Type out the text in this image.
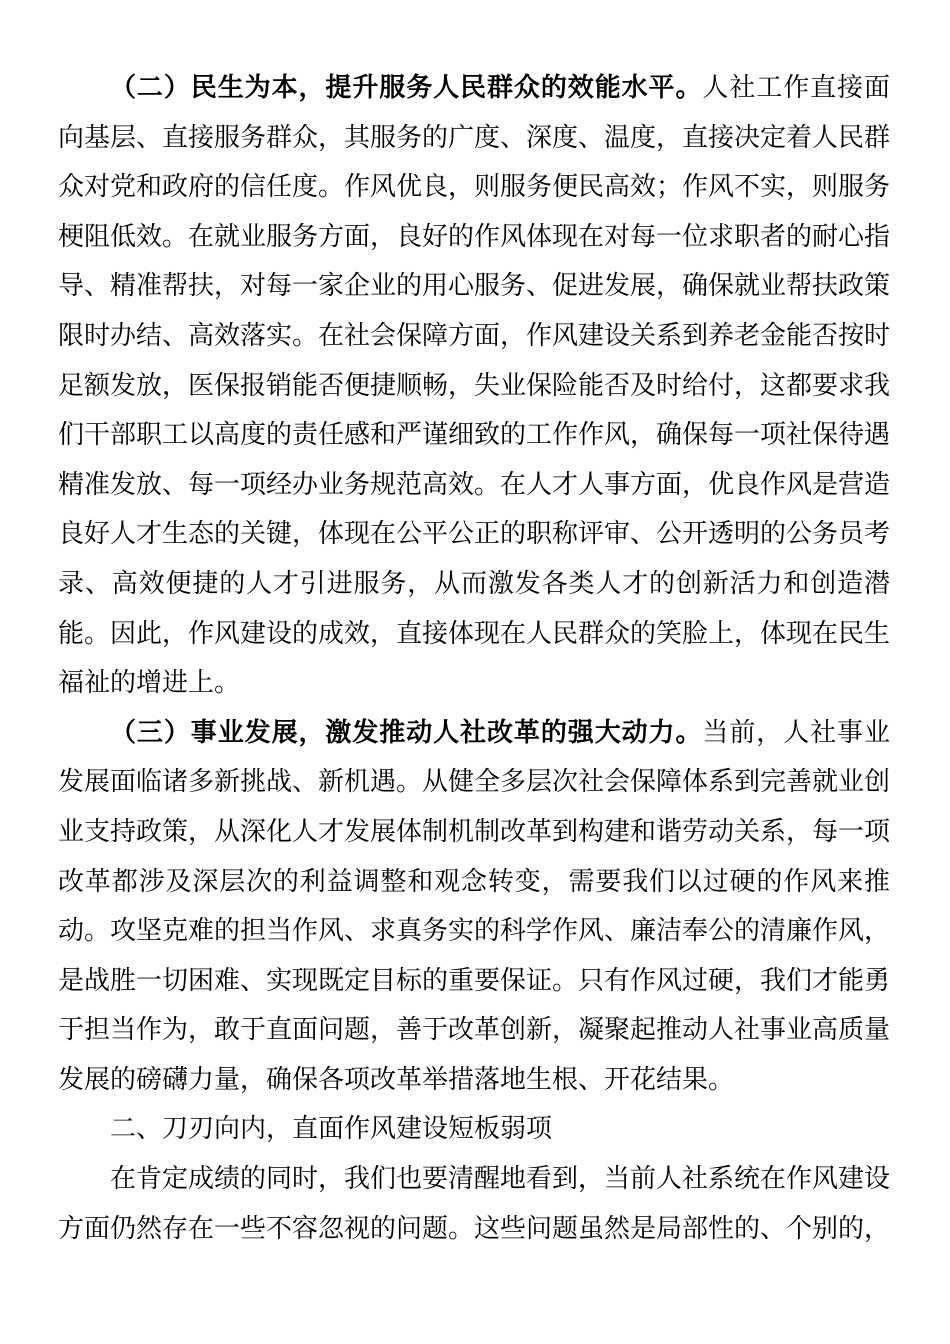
（二）民生为本，提升服务人民群众的效能水平。人社工作直接面向基层、直接服务群众，其服务的广度、深度、温度，直接决定着人民群众对党和政府的信任度。作风优良，则服务便民高效；作风不实，则服务梗阻低效。在就业服务方面，良好的作风体现在对每一位求职者的耐心指导、精准帮扶，对每一家企业的用心服务、促进发展，确保就业帮扶政策限时办结、高效落实。在社会保障方面，作风建设关系到养老金能否按时足额发放，医保报销能否便捷顺畅，失业保险能否及时给付，这都要求我们干部职工以高度的责任感和严谨细致的工作作风，确保每一项社保待遇精准发放、每一项经办业务规范高效。在人才人事方面，优良作风是营造良好人才生态的关键，体现在公平公正的职称评审、公开透明的公务员考录、高效便捷的人才引进服务，从而激发各类人才的创新活力和创造潜能。因此，作风建设的成效，直接体现在人民群众的笑脸上，体现在民生福祉的增进上。

（三）事业发展，激发推动人社改革的强大动力。当前，人社事业发展面临诸多新挑战、新机遇。从健全多层次社会保障体系到完善就业创业支持政策，从深化人才发展体制机制改革到构建和谐劳动关系，每一项改革都涉及深层次的利益调整和观念转变，需要我们以过硬的作风来推动。攻坚克难的担当作风、求真务实的科学作风、廉洁奉公的清廉作风，是战胜一切困难、实现既定目标的重要保证。只有作风过硬，我们才能勇于担当作为，敢于直面问题，善于改革创新，凝聚起推动人社事业高质量发展的磅礴力量，确保各项改革举措落地生根、开花结果。

二、刀刃向内，直面作风建设短板弱项

在肯定成绩的同时，我们也要清醒地看到，当前人社系统在作风建设方面仍然存在一些不容忽视的问题。这些问题虽然是局部性的、个别的，
